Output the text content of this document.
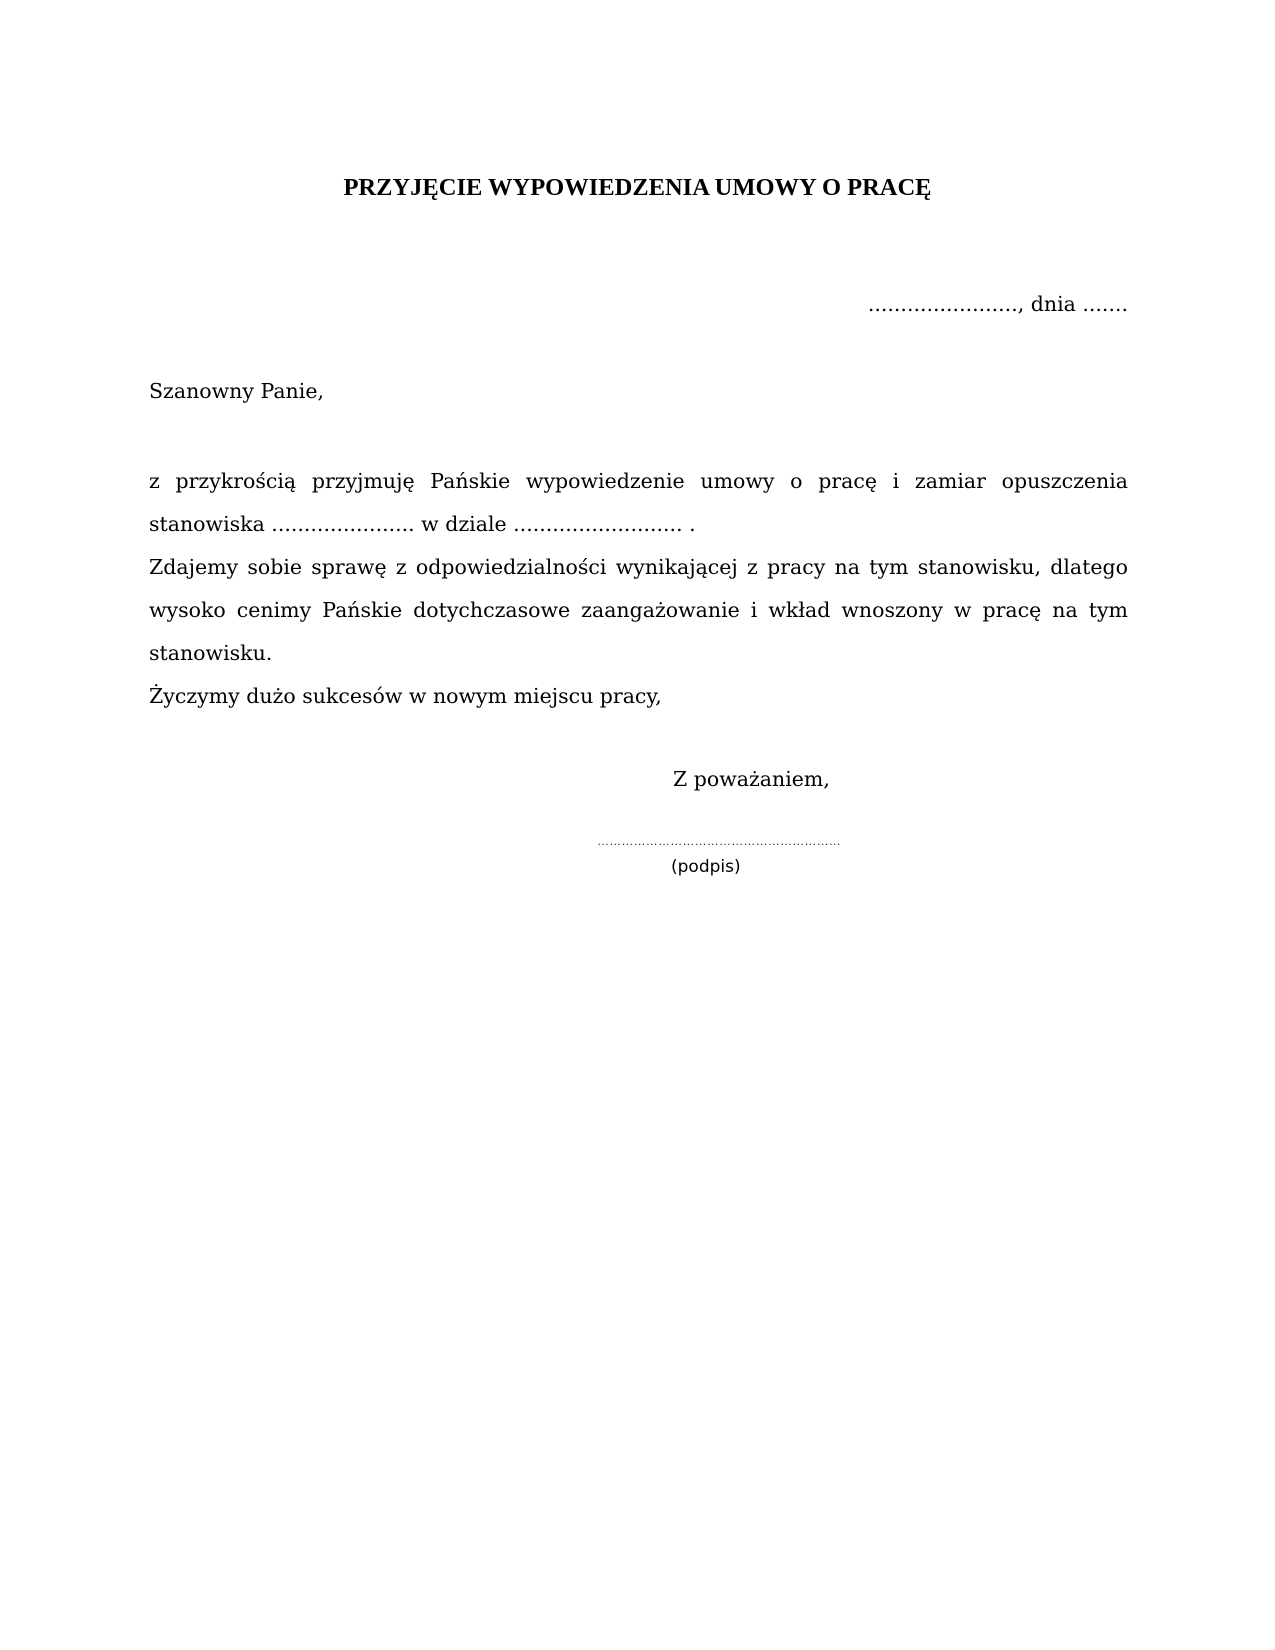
PRZYJĘCIE WYPOWIEDZENIA UMOWY O PRACĘ
......................., dnia .......
Szanowny Panie,

z przykrością przyjmuję Pańskie wypowiedzenie umowy o pracę i zamiar opuszczenia stanowiska ...................... w dziale .......................... .

Zdajemy sobie sprawę z odpowiedzialności wynikającej z pracy na tym stanowisku, dlatego wysoko cenimy Pańskie dotychczasowe zaangażowanie i wkład wnoszony w pracę na tym stanowisku.

Życzymy dużo sukcesów w nowym miejscu pracy,

Z poważaniem,
……………………………………………………
(podpis)
